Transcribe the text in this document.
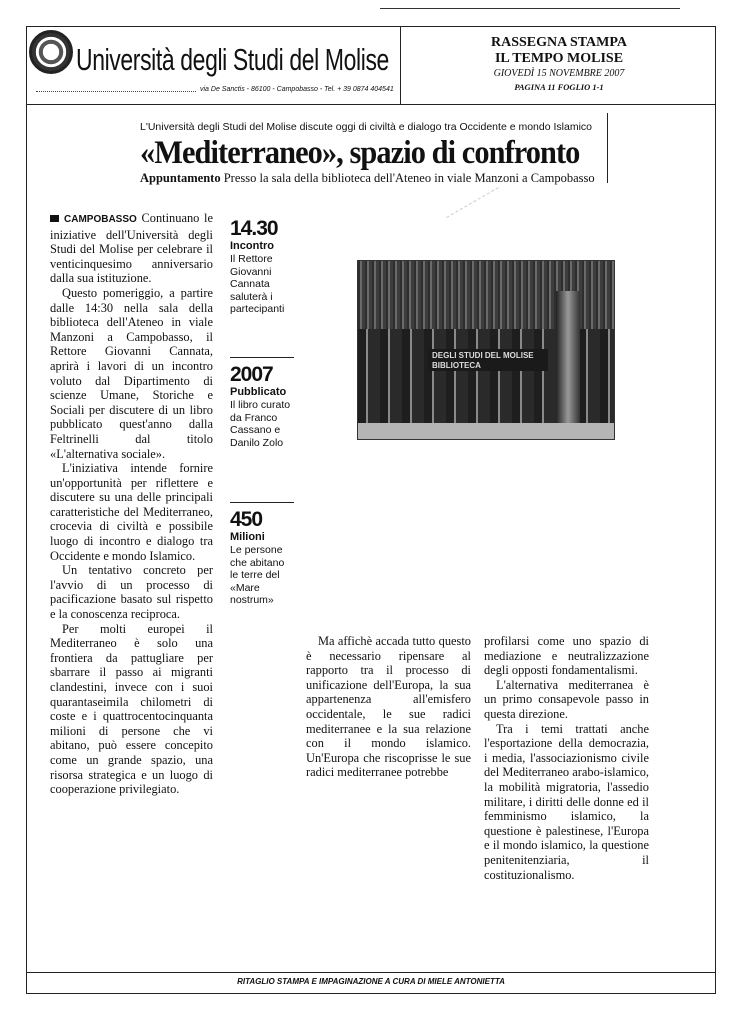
Università degli Studi del Molise
via De Sanctis - 86100 - Campobasso - Tel. + 39 0874 404541
RASSEGNA STAMPA
IL TEMPO MOLISE
GIOVEDÌ 15 NOVEMBRE 2007
PAGINA 11 FOGLIO 1-1
L'Università degli Studi del Molise discute oggi di civiltà e dialogo tra Occidente e mondo Islamico
«Mediterraneo», spazio di confronto
Appuntamento Presso la sala della biblioteca dell'Ateneo in viale Manzoni a Campobasso

CAMPOBASSO Continuano le iniziative dell'Università degli Studi del Molise per celebrare il venticinquesimo anniversario dalla sua istituzione.

Questo pomeriggio, a partire dalle 14:30 nella sala della biblioteca dell'Ateneo in viale Manzoni a Campobasso, il Rettore Giovanni Cannata, aprirà i lavori di un incontro voluto dal Dipartimento di scienze Umane, Storiche e Sociali per discutere di un libro pubblicato quest'anno dalla Feltrinelli dal titolo «L'alternativa sociale».

L'iniziativa intende fornire un'opportunità per riflettere e discutere su una delle principali caratteristiche del Mediterraneo, crocevia di civiltà e possibile luogo di incontro e dialogo tra Occidente e mondo Islamico.

Un tentativo concreto per l'avvio di un processo di pacificazione basato sul rispetto e la conoscenza reciproca.

Per molti europei il Mediterraneo è solo una frontiera da pattugliare per sbarrare il passo ai migranti clandestini, invece con i suoi quarantaseimila chilometri di coste e i quattrocentocinquanta milioni di persone che vi abitano, può essere concepito come un grande spazio, una risorsa strategica e un luogo di cooperazione privilegiato.

14.30
Incontro
Il Rettore Giovanni Cannata saluterà i partecipanti
2007
Pubblicato
Il libro curato da Franco Cassano e Danilo Zolo
450
Milioni
Le persone che abitano le terre del «Mare nostrum»
DEGLI STUDI DEL MOLISE BIBLIOTECA

Ma affichè accada tutto questo è necessario ripensare al rapporto tra il processo di unificazione dell'Europa, la sua appartenenza all'emisfero occidentale, le sue radici mediterranee e la sua relazione con il mondo islamico. Un'Europa che riscoprisse le sue radici mediterranee potrebbe

profilarsi come uno spazio di mediazione e neutralizzazione degli opposti fondamentalismi.

L'alternativa mediterranea è un primo consapevole passo in questa direzione.

Tra i temi trattati anche l'esportazione della democrazia, i media, l'associazionismo civile del Mediterraneo arabo-islamico, la mobilità migratoria, l'assedio militare, i diritti delle donne ed il femminismo islamico, la questione è palestinese, l'Europa e il mondo islamico, la questione penitenitenziaria, il costituzionalismo.

RITAGLIO STAMPA E IMPAGINAZIONE A CURA DI MIELE ANTONIETTA
